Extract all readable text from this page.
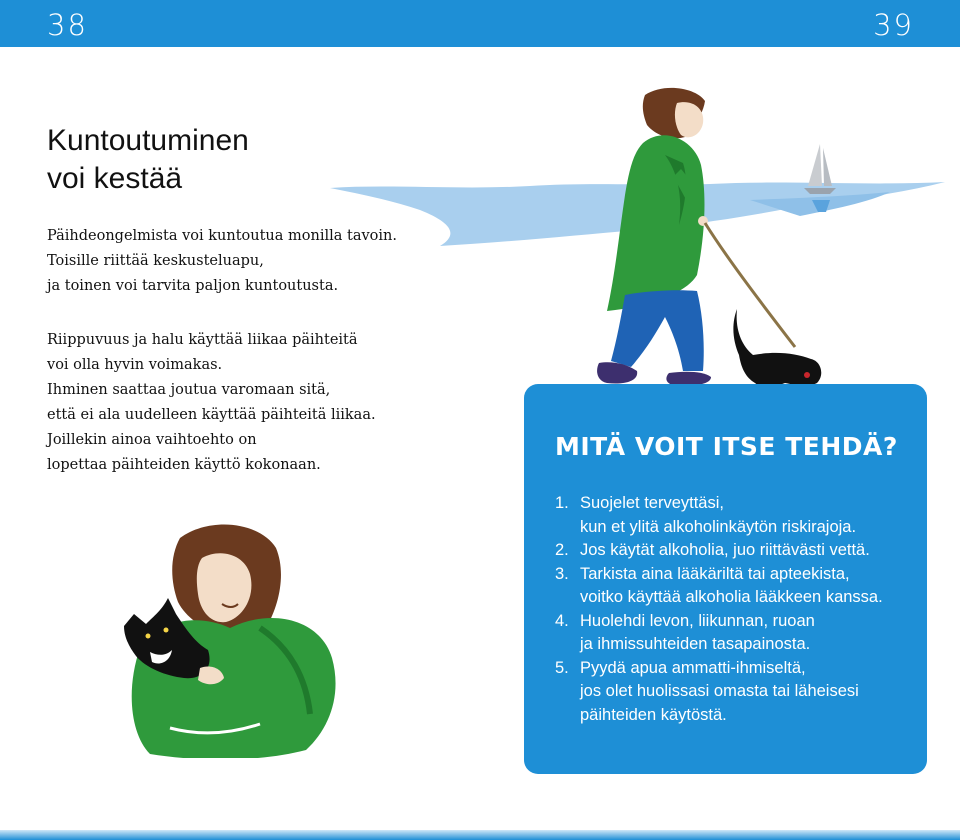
38	39
Kuntoutuminen
voi kestää

Päihdeongelmista voi kuntoutua monilla tavoin.
Toisille riittää keskusteluapu,
ja toinen voi tarvita paljon kuntoutusta.

Riippuvuus ja halu käyttää liikaa päihteitä
voi olla hyvin voimakas.
Ihminen saattaa joutua varomaan sitä,
että ei ala uudelleen käyttää päihteitä liikaa.
Joillekin ainoa vaihtoehto on
lopettaa päihteiden käyttö kokonaan.

MITÄ VOIT ITSE TEHDÄ?
1. Suojelet terveyttäsi,
kun et ylitä alkoholinkäytön riskirajoja.
2. Jos käytät alkoholia, juo riittävästi vettä.
3. Tarkista aina lääkäriltä tai apteekista,
voitko käyttää alkoholia lääkkeen kanssa.
4. Huolehdi levon, liikunnan, ruoan
ja ihmissuhteiden tasapainosta.
5. Pyydä apua ammatti-ihmiseltä,
jos olet huolissasi omasta tai läheisesi
päihteiden käytöstä.
